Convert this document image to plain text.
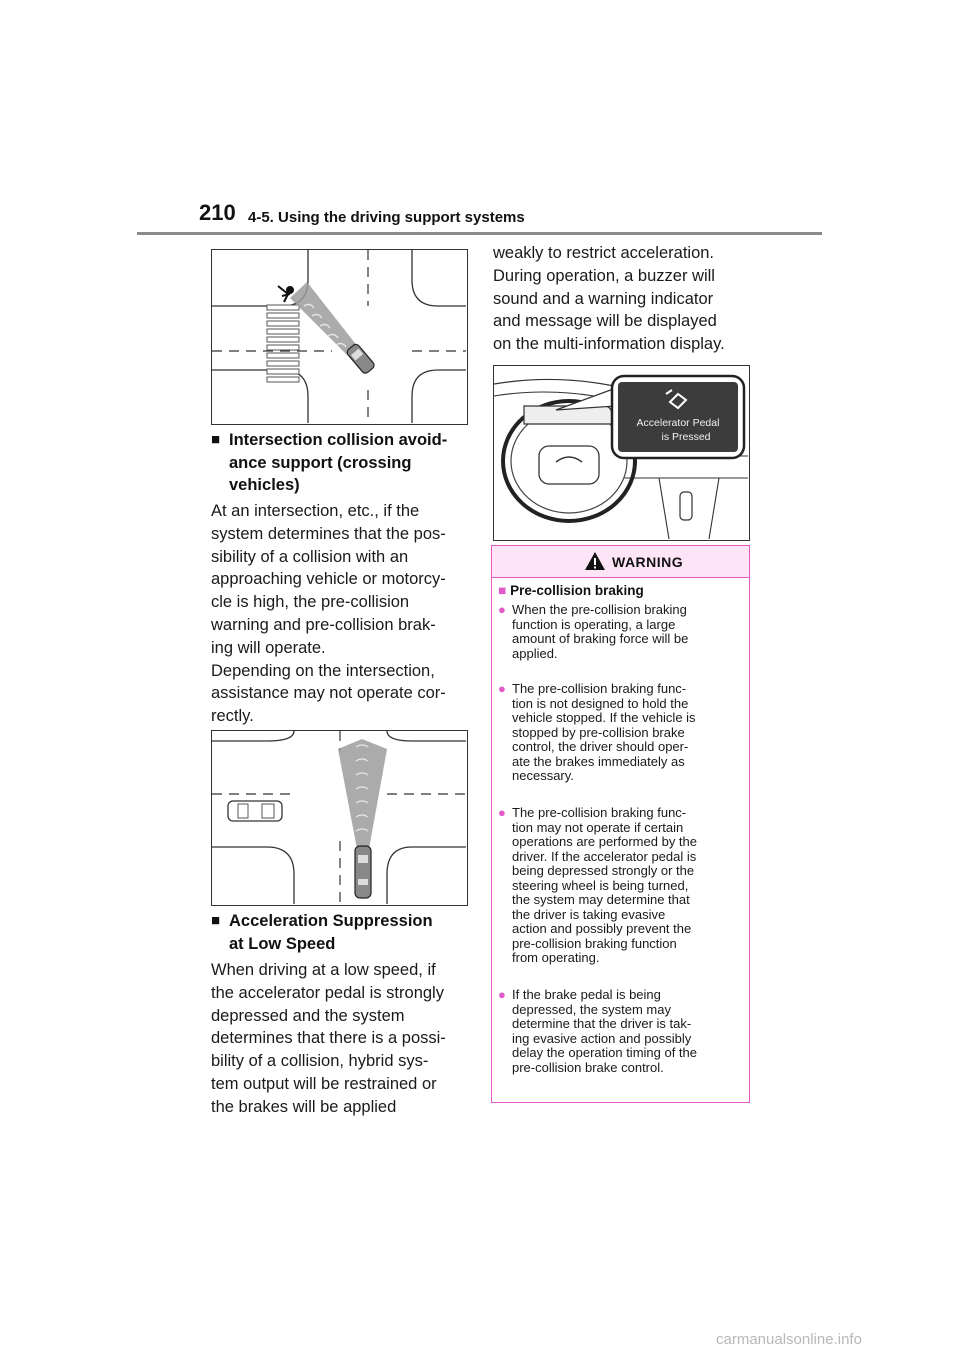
210 4-5. Using the driving support systems
■ Intersection collision avoid-
ance support (crossing
vehicles)
At an intersection, etc., if the
system determines that the pos-
sibility of a collision with an
approaching vehicle or motorcy-
cle is high, the pre-collision
warning and pre-collision brak-
ing will operate.
Depending on the intersection,
assistance may not operate cor-
rectly.
■ Acceleration Suppression
at Low Speed
When driving at a low speed, if
the accelerator pedal is strongly
depressed and the system
determines that there is a possi-
bility of a collision, hybrid sys-
tem output will be restrained or
the brakes will be applied
weakly to restrict acceleration.
During operation, a buzzer will
sound and a warning indicator
and message will be displayed
on the multi-information display.
Accelerator Pedal
is Pressed
WARNING
■ Pre-collision braking
● When the pre-collision braking
function is operating, a large
amount of braking force will be
applied.
● The pre-collision braking func-
tion is not designed to hold the
vehicle stopped. If the vehicle is
stopped by pre-collision brake
control, the driver should oper-
ate the brakes immediately as
necessary.
● The pre-collision braking func-
tion may not operate if certain
operations are performed by the
driver. If the accelerator pedal is
being depressed strongly or the
steering wheel is being turned,
the system may determine that
the driver is taking evasive
action and possibly prevent the
pre-collision braking function
from operating.
● If the brake pedal is being
depressed, the system may
determine that the driver is tak-
ing evasive action and possibly
delay the operation timing of the
pre-collision brake control.
carmanualsonline.info
